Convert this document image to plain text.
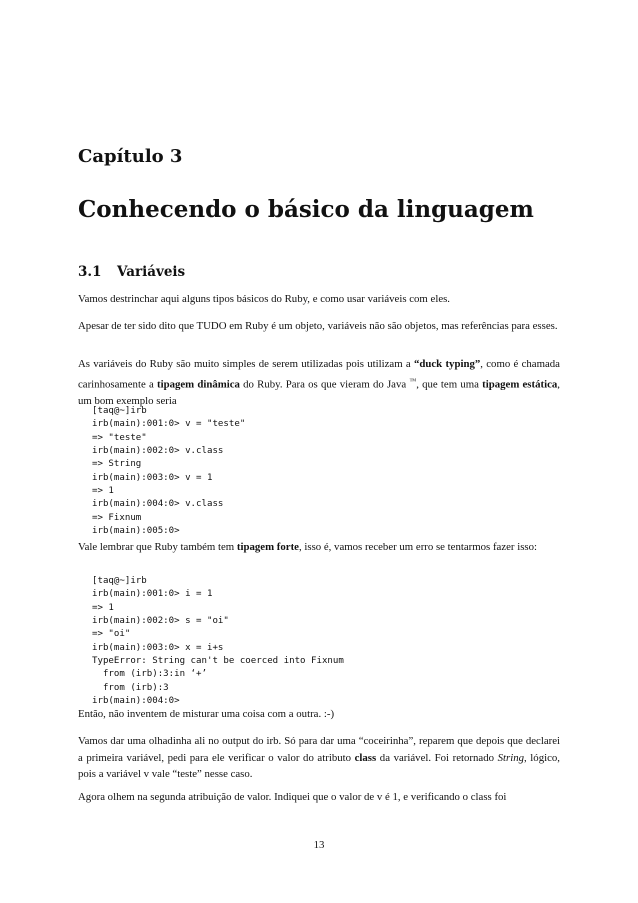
Capítulo 3
Conhecendo o básico da linguagem
3.1 Variáveis
Vamos destrinchar aqui alguns tipos básicos do Ruby, e como usar variáveis com eles.
Apesar de ter sido dito que TUDO em Ruby é um objeto, variáveis não são objetos, mas referências para esses.
As variáveis do Ruby são muito simples de serem utilizadas pois utilizam a “duck typing”, como é chamada carinhosamente a tipagem dinâmica do Ruby. Para os que vieram do Java ™, que tem uma tipagem estática, um bom exemplo seria
[taq@~]irb
irb(main):001:0> v = "teste"
=> "teste"
irb(main):002:0> v.class
=> String
irb(main):003:0> v = 1
=> 1
irb(main):004:0> v.class
=> Fixnum
irb(main):005:0>
Vale lembrar que Ruby também tem tipagem forte, isso é, vamos receber um erro se tentarmos fazer isso:
[taq@~]irb
irb(main):001:0> i = 1
=> 1
irb(main):002:0> s = "oi"
=> "oi"
irb(main):003:0> x = i+s
TypeError: String can't be coerced into Fixnum
from (irb):3:in ‘+’
from (irb):3
irb(main):004:0>
Então, não inventem de misturar uma coisa com a outra. :-)
Vamos dar uma olhadinha ali no output do irb. Só para dar uma “coceirinha”, reparem que depois que declarei a primeira variável, pedi para ele verificar o valor do atributo class da variável. Foi retornado String, lógico, pois a variável v vale “teste” nesse caso.
Agora olhem na segunda atribuição de valor. Indiquei que o valor de v é 1, e verificando o class foi
13
